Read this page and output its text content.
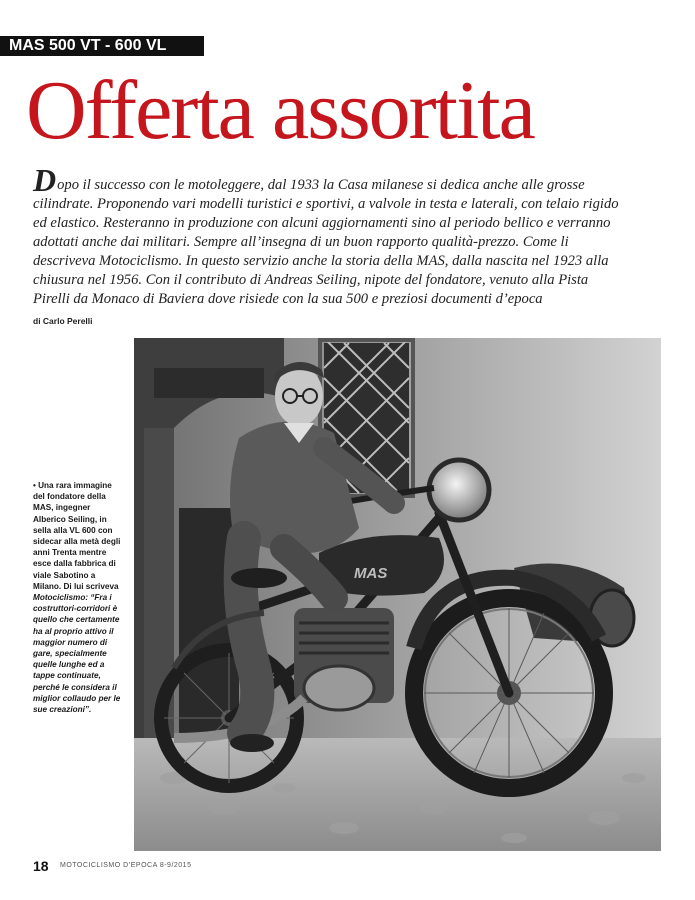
MAS 500 VT - 600 VL
Offerta assortita

Dopo il successo con le motoleggere, dal 1933 la Casa milanese si dedica anche alle grosse cilindrate. Proponendo vari modelli turistici e sportivi, a valvole in testa e laterali, con telaio rigido ed elastico. Resteranno in produzione con alcuni aggiornamenti sino al periodo bellico e verranno adottati anche dai militari. Sempre all’insegna di un buon rapporto qualità-prezzo. Come li descriveva Motociclismo. In questo servizio anche la storia della MAS, dalla nascita nel 1923 alla chiusura nel 1956. Con il contributo di Andreas Seiling, nipote del fondatore, venuto alla Pista Pirelli da Monaco di Baviera dove risiede con la sua 500 e preziosi documenti d’epoca

di Carlo Perelli

• Una rara immagine del fondatore della MAS, ingegner Alberico Seiling, in sella alla VL 600 con sidecar alla metà degli anni Trenta mentre esce dalla fabbrica di viale Sabotino a Milano. Di lui scriveva Motociclismo: “Fra i costruttori-corridori è quello che certamente ha al proprio attivo il maggior numero di gare, specialmente quelle lunghe ed a tappe continuate, perché le considera il miglior collaudo per le sue creazioni”.

MAS
18 MOTOCICLISMO D’EPOCA 8-9/2015
